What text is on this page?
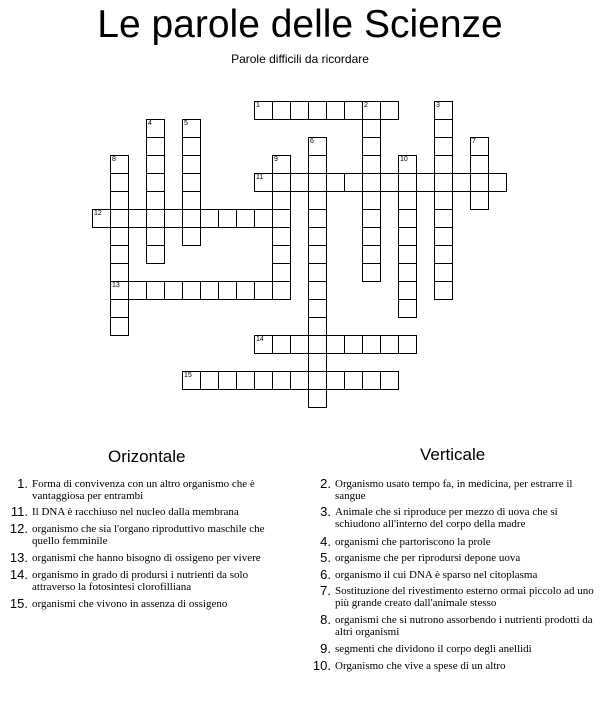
Le parole delle Scienze
Parole difficili da ricordare
1	2
11
12
13
14
15
3
4	5
6	7
8	9	10
Orizontale	Verticale
1. Forma di convivenza con un altro organismo che è vantaggiosa per entrambi
11. Il DNA è racchiuso nel nucleo dalla membrana
12. organismo che sia l'organo riproduttivo maschile che quello femminile
13. organismi che hanno bisogno di ossigeno per vivere
14. organismo in grado di prodursi i nutrienti da solo attraverso la fotosintesi clorofilliana
15. organismi che vivono in assenza di ossigeno
2. Organismo usato tempo fa, in medicina, per estrarre il sangue
3. Animale che si riproduce per mezzo di uova che si schiudono all'interno del corpo della madre
4. organismi che partoriscono la prole
5. organisme che per riprodursi depone uova
6. organismo il cui DNA è sparso nel citoplasma
7. Sostituzione del rivestimento esterno ormai piccolo ad uno più grande creato dall'animale stesso
8. organismi che si nutrono assorbendo i nutrienti prodotti da altri organismi
9. segmenti che dividono il corpo degli anellidi
10. Organismo che vive a spese di un altro
